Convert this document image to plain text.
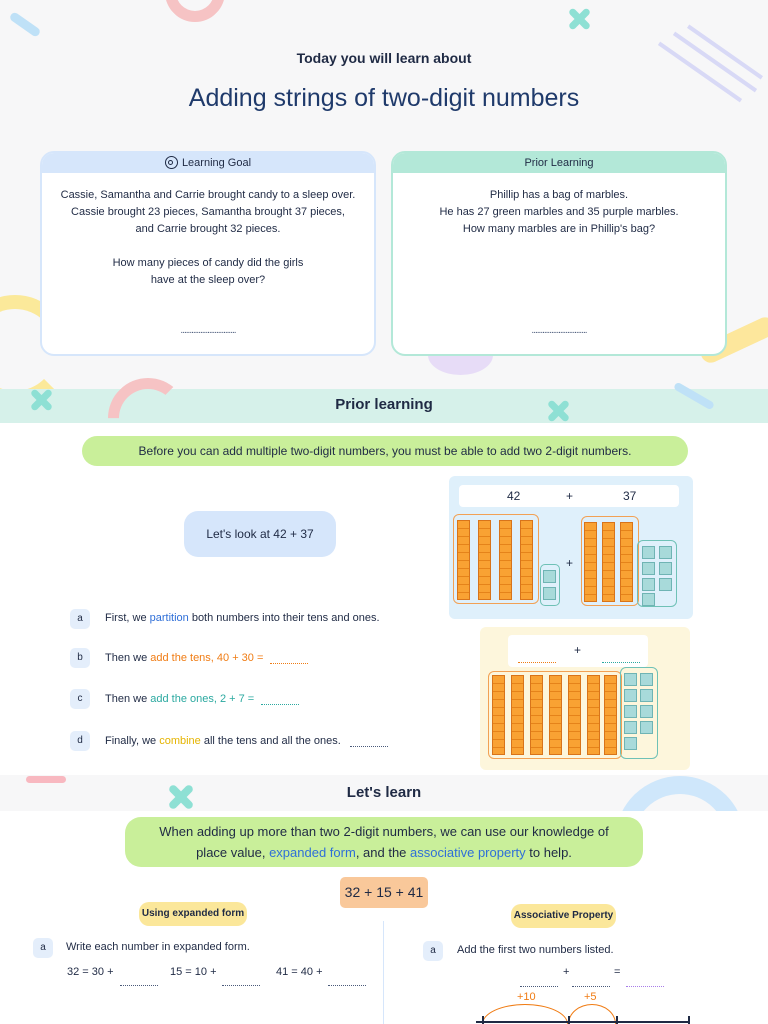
Today you will learn about
Adding strings of two-digit numbers
Learning Goal
Cassie, Samantha and Carrie brought candy to a sleep over.
Cassie brought 23 pieces, Samantha brought 37 pieces,
and Carrie brought 32 pieces.
How many pieces of candy did the girls
have at the sleep over?
...............................
Prior Learning
Phillip has a bag of marbles.
He has 27 green marbles and 35 purple marbles.
How many marbles are in Phillip's bag?
...............................
Prior learning
Before you can add multiple two-digit numbers, you must be able to add two 2-digit numbers.
Let's look at 42 + 37
42	+	37
+
+
a	First, we partition both numbers into their tens and ones.
b	Then we add the tens, 40 + 30 =
c	Then we add the ones, 2 + 7 =
d	Finally, we combine all the tens and all the ones.
Let's learn
When adding up more than two 2-digit numbers, we can use our knowledge of
place value, expanded form, and the associative property to help.
32 + 15 + 41
Using expanded form	Associative Property
a	Write each number in expanded form.
32 = 30 +	15 = 10 +	41 = 40 +
a	Add the first two numbers listed.
+	=
+10	+5
